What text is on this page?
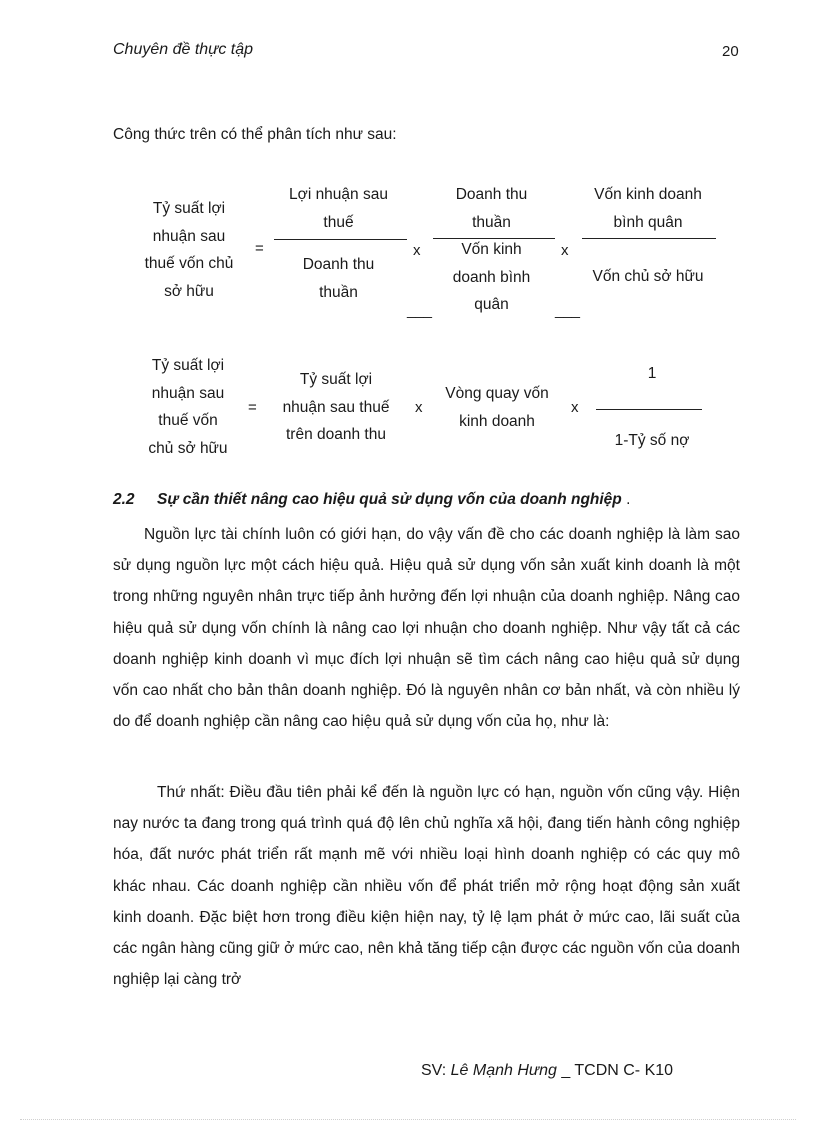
Chuyên đề thực tập	20
Công thức trên có thể phân tích như sau:
Tỷ suất lợi
nhuận sau
thuế vốn chủ
sở hữu
=
Lợi nhuận sau
thuế
Doanh thu
thuần
x
Doanh thu
thuần
Vốn kinh
doanh bình
quân
x
Vốn kinh doanh
bình quân
Vốn chủ sở hữu
___	___
Tỷ suất lợi
nhuận sau
thuế vốn
chủ sở hữu
=
Tỷ suất lợi
nhuận sau thuế
trên doanh thu
x
Vòng quay vốn
kinh doanh
x
1
1-Tỷ số nợ
2.2 Sự cần thiết nâng cao hiệu quả sử dụng vốn của doanh nghiệp .

Nguồn lực tài chính luôn có giới hạn, do vậy vấn đề cho các doanh nghiệp là làm sao sử dụng nguồn lực một cách hiệu quả. Hiệu quả sử dụng vốn sản xuất kinh doanh là một trong những nguyên nhân trực tiếp ảnh hưởng đến lợi nhuận của doanh nghiệp. Nâng cao hiệu quả sử dụng vốn chính là nâng cao lợi nhuận cho doanh nghiệp. Như vậy tất cả các doanh nghiệp kinh doanh vì mục đích lợi nhuận sẽ tìm cách nâng cao hiệu quả sử dụng vốn cao nhất cho bản thân doanh nghiệp. Đó là nguyên nhân cơ bản nhất, và còn nhiều lý do để doanh nghiệp cần nâng cao hiệu quả sử dụng vốn của họ, như là:

Thứ nhất: Điều đầu tiên phải kể đến là nguồn lực có hạn, nguồn vốn cũng vậy. Hiện nay nước ta đang trong quá trình quá độ lên chủ nghĩa xã hội, đang tiến hành công nghiệp hóa, đất nước phát triển rất mạnh mẽ với nhiều loại hình doanh nghiệp có các quy mô khác nhau. Các doanh nghiệp cần nhiều vốn để phát triển mở rộng hoạt động sản xuất kinh doanh. Đặc biệt hơn trong điều kiện hiện nay, tỷ lệ lạm phát ở mức cao, lãi suất của các ngân hàng cũng giữ ở mức cao, nên khả tăng tiếp cận được các nguồn vốn của doanh nghiệp lại càng trở

SV: Lê Mạnh Hưng _ TCDN C- K10
